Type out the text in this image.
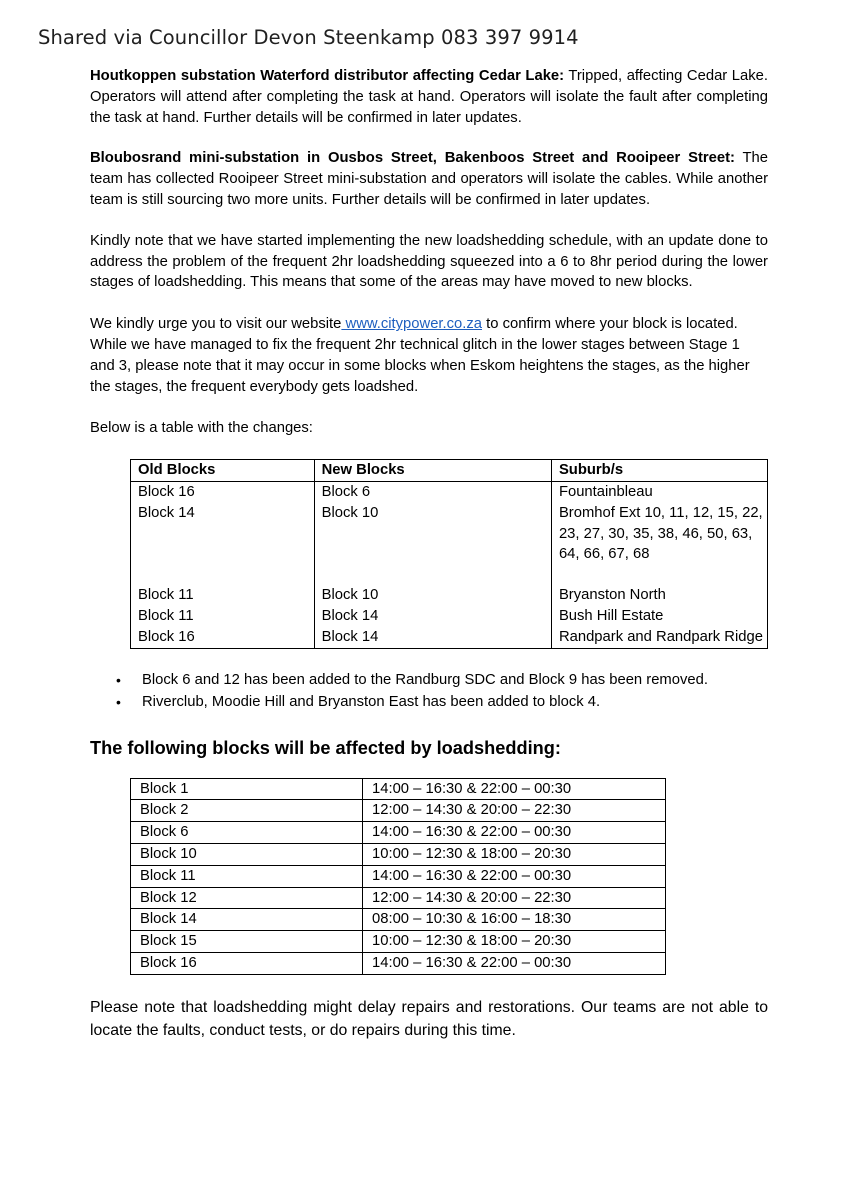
Shared via Councillor Devon Steenkamp 083 397 9914

Houtkoppen substation Waterford distributor affecting Cedar Lake: Tripped, affecting Cedar Lake. Operators will attend after completing the task at hand. Operators will isolate the fault after completing the task at hand. Further details will be confirmed in later updates.

Bloubosrand mini-substation in Ousbos Street, Bakenboos Street and Rooipeer Street: The team has collected Rooipeer Street mini-substation and operators will isolate the cables. While another team is still sourcing two more units. Further details will be confirmed in later updates.

Kindly note that we have started implementing the new loadshedding schedule, with an update done to address the problem of the frequent 2hr loadshedding squeezed into a 6 to 8hr period during the lower stages of loadshedding. This means that some of the areas may have moved to new blocks.

We kindly urge you to visit our website www.citypower.co.za to confirm where your block is located. While we have managed to fix the frequent 2hr technical glitch in the lower stages between Stage 1 and 3, please note that it may occur in some blocks when Eskom heightens the stages, as the higher the stages, the frequent everybody gets loadshed.

Below is a table with the changes:

Old Blocks	New Blocks	Suburb/s
Block 16	Block 6	Fountainbleau
Block 14	Block 10	Bromhof Ext 10, 11, 12, 15, 22, 23, 27, 30, 35, 38, 46, 50, 63, 64, 66, 67, 68

Block 11	Block 10	Bryanston North
Block 11	Block 14	Bush Hill Estate
Block 16	Block 14	Randpark and Randpark Ridge
• Block 6 and 12 has been added to the Randburg SDC and Block 9 has been removed.
• Riverclub, Moodie Hill and Bryanston East has been added to block 4.
The following blocks will be affected by loadshedding:
Block 1	14:00 – 16:30 & 22:00 – 00:30
Block 2	12:00 – 14:30 & 20:00 – 22:30
Block 6	14:00 – 16:30 & 22:00 – 00:30
Block 10	10:00 – 12:30 & 18:00 – 20:30
Block 11	14:00 – 16:30 & 22:00 – 00:30
Block 12	12:00 – 14:30 & 20:00 – 22:30
Block 14	08:00 – 10:30 & 16:00 – 18:30
Block 15	10:00 – 12:30 & 18:00 – 20:30
Block 16	14:00 – 16:30 & 22:00 – 00:30

Please note that loadshedding might delay repairs and restorations. Our teams are not able to locate the faults, conduct tests, or do repairs during this time.
